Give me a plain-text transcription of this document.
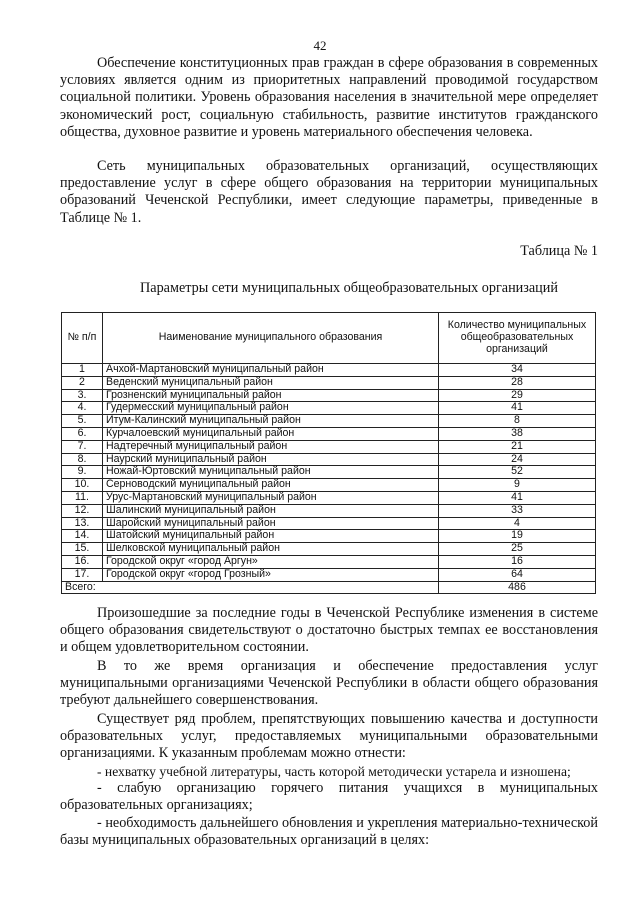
42

Обеспечение конституционных прав граждан в сфере образования в современных условиях является одним из приоритетных направлений проводимой государством социальной политики. Уровень образования населения в значительной мере определяет экономический рост, социальную стабильность, развитие институтов гражданского общества, духовное развитие и уровень материального обеспечения человека.

Сеть муниципальных образовательных организаций, осуществляющих предоставление услуг в сфере общего образования на территории муниципальных образований Чеченской Республики, имеет следующие параметры, приведенные в Таблице № 1.

Таблица № 1
Параметры сети муниципальных общеобразовательных организаций
№ п/п	Наименование муниципального образования	Количество муниципальных общеобразовательных организаций
1	Ачхой-Мартановский муниципальный район	34
2	Веденский муниципальный район	28
3.	Грозненский муниципальный район	29
4.	Гудермесский муниципальный район	41
5.	Итум-Калинский муниципальный район	8
6.	Курчалоевский муниципальный район	38
7.	Надтеречный муниципальный район	21
8.	Наурский муниципальный район	24
9.	Ножай-Юртовский муниципальный район	52
10.	Серноводский муниципальный район	9
11.	Урус-Мартановский муниципальный район	41
12.	Шалинский муниципальный район	33
13.	Шаройский муниципальный район	4
14.	Шатойский муниципальный район	19
15.	Шелковской муниципальный район	25
16.	Городской округ «город Аргун»	16
17.	Городской округ «город Грозный»	64
Всего:		486

Произошедшие за последние годы в Чеченской Республике изменения в системе общего образования свидетельствуют о достаточно быстрых темпах ее восстановления и общем удовлетворительном состоянии.

В то же время организация и обеспечение предоставления услуг муниципальными организациями Чеченской Республики в области общего образования требуют дальнейшего совершенствования.

Существует ряд проблем, препятствующих повышению качества и доступности образовательных услуг, предоставляемых муниципальными образовательными организациями. К указанным проблемам можно отнести:

- нехватку учебной литературы, часть которой методически устарела и изношена;

- слабую организацию горячего питания учащихся в муниципальных образовательных организациях;

- необходимость дальнейшего обновления и укрепления материально-технической базы муниципальных образовательных организаций в целях:
